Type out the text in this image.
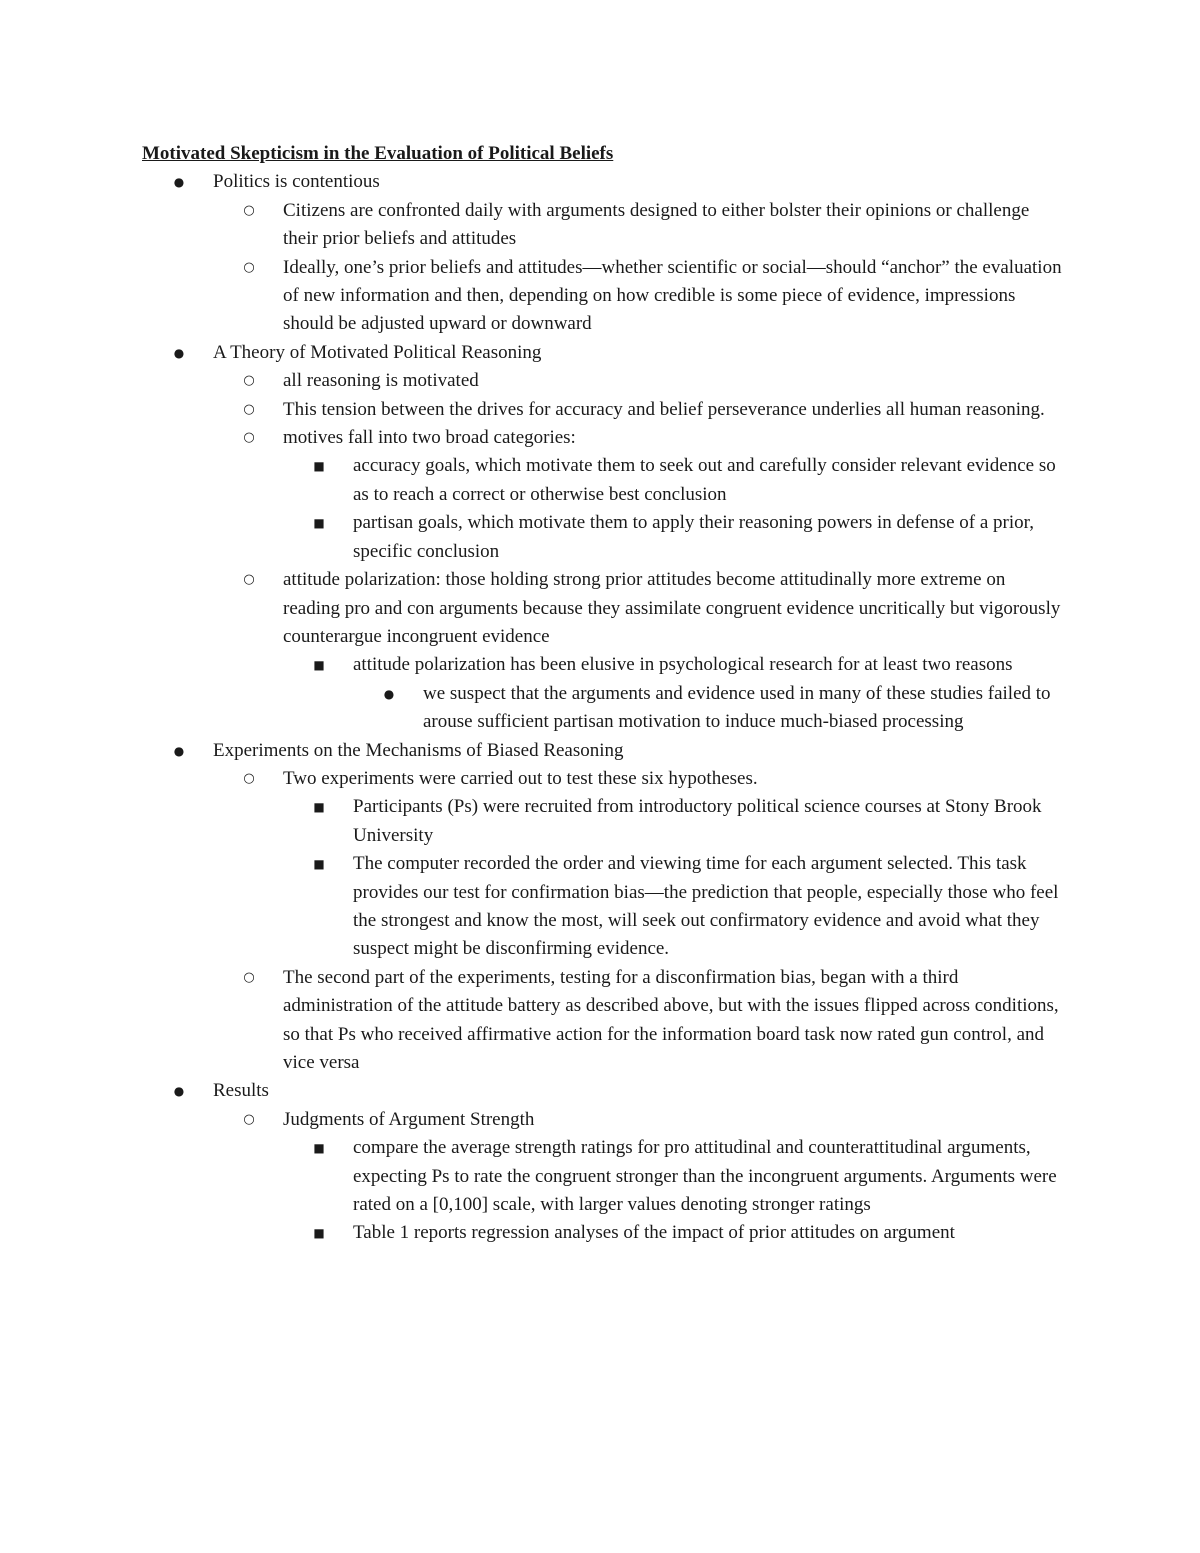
Motivated Skepticism in the Evaluation of Political Beliefs

● Politics is contentious
○ Citizens are confronted daily with arguments designed to either bolster their opinions or challenge their prior beliefs and attitudes
○ Ideally, one’s prior beliefs and attitudes—whether scientific or social—should “anchor” the evaluation of new information and then, depending on how credible is some piece of evidence, impressions should be adjusted upward or downward
● A Theory of Motivated Political Reasoning
○ all reasoning is motivated
○ This tension between the drives for accuracy and belief perseverance underlies all human reasoning.
○ motives fall into two broad categories:
■ accuracy goals, which motivate them to seek out and carefully consider relevant evidence so as to reach a correct or otherwise best conclusion
■ partisan goals, which motivate them to apply their reasoning powers in defense of a prior, specific conclusion
○ attitude polarization: those holding strong prior attitudes become attitudinally more extreme on reading pro and con arguments because they assimilate congruent evidence uncritically but vigorously counterargue incongruent evidence
■ attitude polarization has been elusive in psychological research for at least two reasons
● we suspect that the arguments and evidence used in many of these studies failed to arouse sufficient partisan motivation to induce much-biased processing
● Experiments on the Mechanisms of Biased Reasoning
○ Two experiments were carried out to test these six hypotheses.
■ Participants (Ps) were recruited from introductory political science courses at Stony Brook University
■ The computer recorded the order and viewing time for each argument selected. This task provides our test for confirmation bias—the prediction that people, especially those who feel the strongest and know the most, will seek out confirmatory evidence and avoid what they suspect might be disconfirming evidence.
○ The second part of the experiments, testing for a disconfirmation bias, began with a third administration of the attitude battery as described above, but with the issues flipped across conditions, so that Ps who received affirmative action for the information board task now rated gun control, and vice versa
● Results
○ Judgments of Argument Strength
■ compare the average strength ratings for pro attitudinal and counterattitudinal arguments, expecting Ps to rate the congruent stronger than the incongruent arguments. Arguments were rated on a [0,100] scale, with larger values denoting stronger ratings
■ Table 1 reports regression analyses of the impact of prior attitudes on argument
